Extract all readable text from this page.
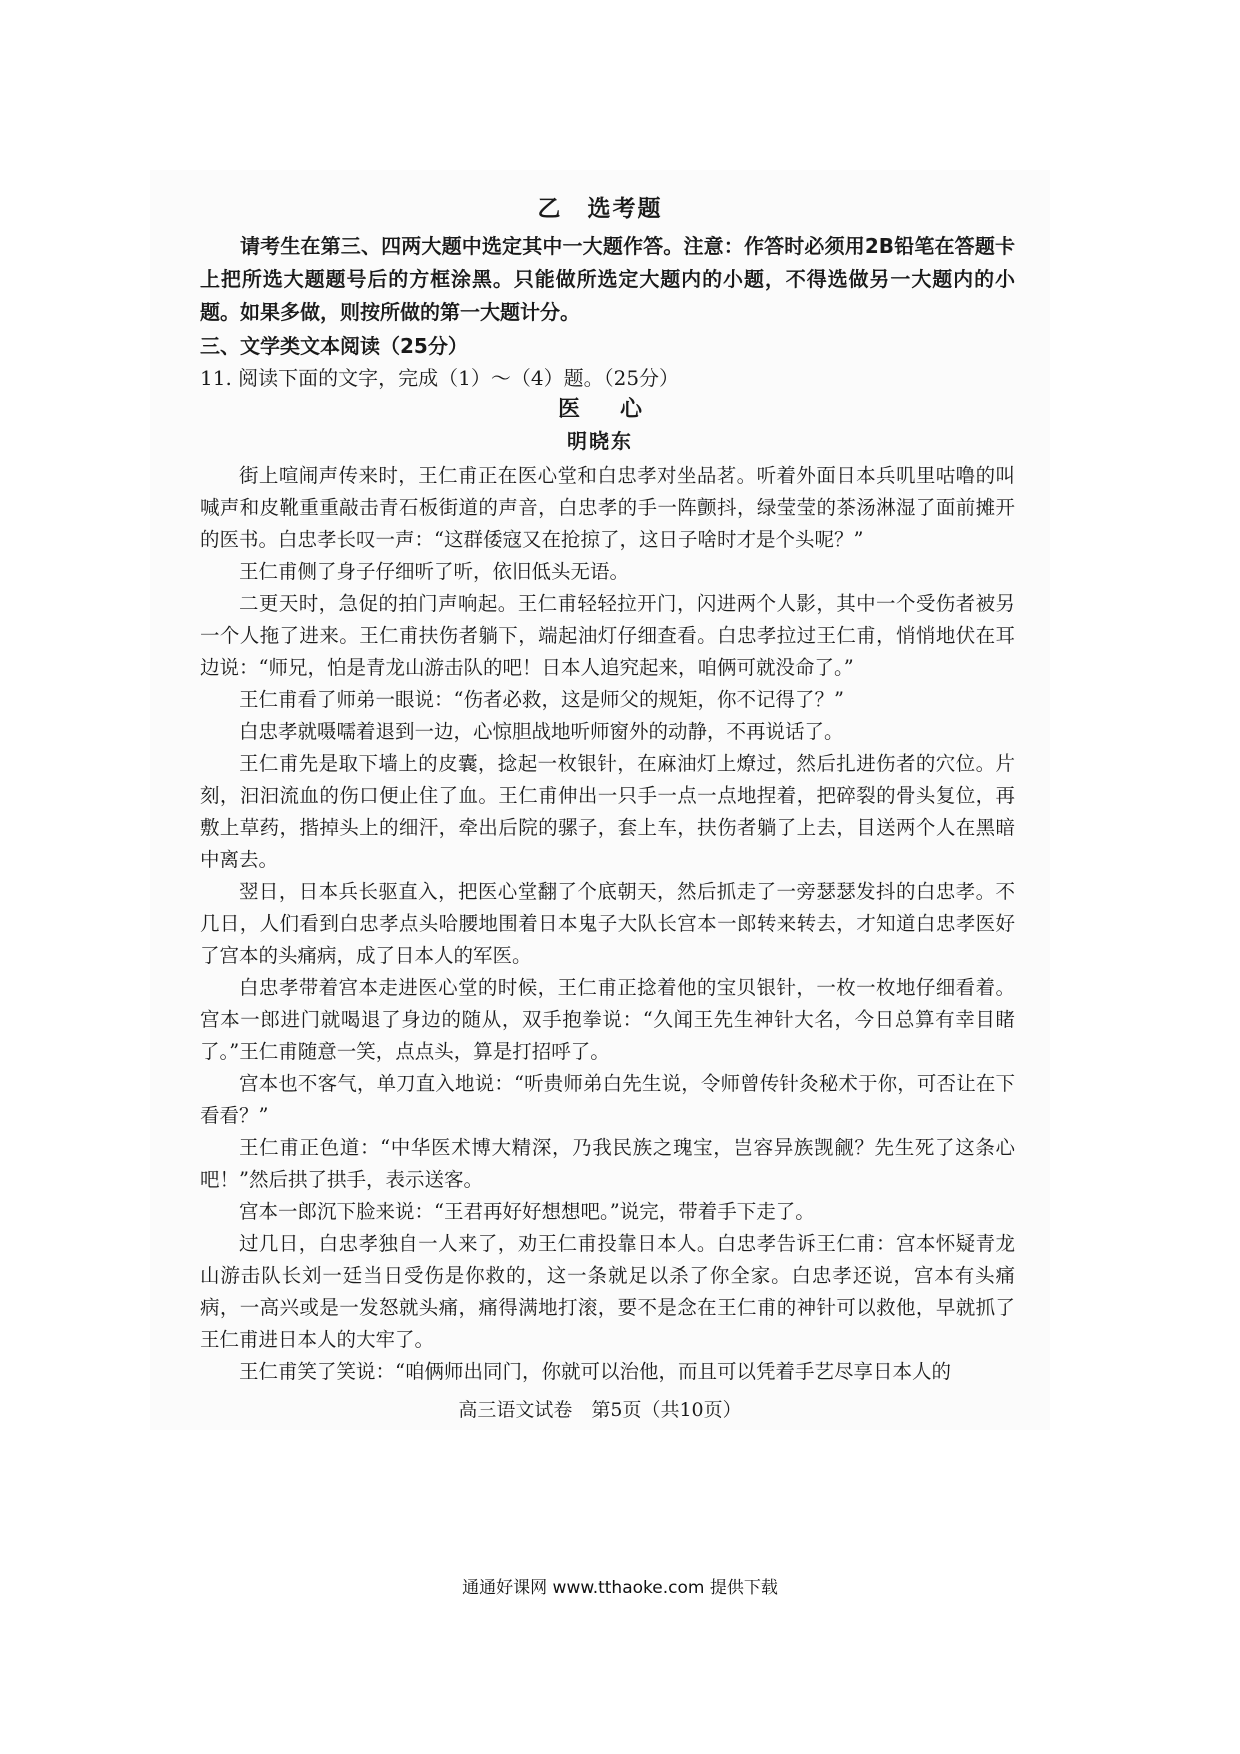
乙　选考题
请考生在第三、四两大题中选定其中一大题作答。注意：作答时必须用2B铅笔在答题卡上把所选大题题号后的方框涂黑。只能做所选定大题内的小题，不得选做另一大题内的小题。如果多做，则按所做的第一大题计分。
三、文学类文本阅读（25分）
11. 阅读下面的文字，完成（1）～（4）题。（25分）
医心
明晓东

街上喧闹声传来时，王仁甫正在医心堂和白忠孝对坐品茗。听着外面日本兵叽里咕噜的叫喊声和皮靴重重敲击青石板街道的声音，白忠孝的手一阵颤抖，绿莹莹的茶汤淋湿了面前摊开的医书。白忠孝长叹一声：“这群倭寇又在抢掠了，这日子啥时才是个头呢？”

王仁甫侧了身子仔细听了听，依旧低头无语。

二更天时，急促的拍门声响起。王仁甫轻轻拉开门，闪进两个人影，其中一个受伤者被另一个人拖了进来。王仁甫扶伤者躺下，端起油灯仔细查看。白忠孝拉过王仁甫，悄悄地伏在耳边说：“师兄，怕是青龙山游击队的吧！日本人追究起来，咱俩可就没命了。”

王仁甫看了师弟一眼说：“伤者必救，这是师父的规矩，你不记得了？”

白忠孝就嗫嚅着退到一边，心惊胆战地听师窗外的动静，不再说话了。

王仁甫先是取下墙上的皮囊，捻起一枚银针，在麻油灯上燎过，然后扎进伤者的穴位。片刻，汩汩流血的伤口便止住了血。王仁甫伸出一只手一点一点地捏着，把碎裂的骨头复位，再敷上草药，揩掉头上的细汗，牵出后院的骡子，套上车，扶伤者躺了上去，目送两个人在黑暗中离去。

翌日，日本兵长驱直入，把医心堂翻了个底朝天，然后抓走了一旁瑟瑟发抖的白忠孝。不几日，人们看到白忠孝点头哈腰地围着日本鬼子大队长宫本一郎转来转去，才知道白忠孝医好了宫本的头痛病，成了日本人的军医。

白忠孝带着宫本走进医心堂的时候，王仁甫正捻着他的宝贝银针，一枚一枚地仔细看着。宫本一郎进门就喝退了身边的随从，双手抱拳说：“久闻王先生神针大名，今日总算有幸目睹了。”王仁甫随意一笑，点点头，算是打招呼了。

宫本也不客气，单刀直入地说：“听贵师弟白先生说，令师曾传针灸秘术于你，可否让在下看看？”

王仁甫正色道：“中华医术博大精深，乃我民族之瑰宝，岂容异族觊觎？先生死了这条心吧！”然后拱了拱手，表示送客。

宫本一郎沉下脸来说：“王君再好好想想吧。”说完，带着手下走了。

过几日，白忠孝独自一人来了，劝王仁甫投靠日本人。白忠孝告诉王仁甫：宫本怀疑青龙山游击队长刘一廷当日受伤是你救的，这一条就足以杀了你全家。白忠孝还说，宫本有头痛病，一高兴或是一发怒就头痛，痛得满地打滚，要不是念在王仁甫的神针可以救他，早就抓了王仁甫进日本人的大牢了。

王仁甫笑了笑说：“咱俩师出同门，你就可以治他，而且可以凭着手艺尽享日本人的

高三语文试卷　第5页（共10页）
通通好课网 www.tthaoke.com 提供下载
